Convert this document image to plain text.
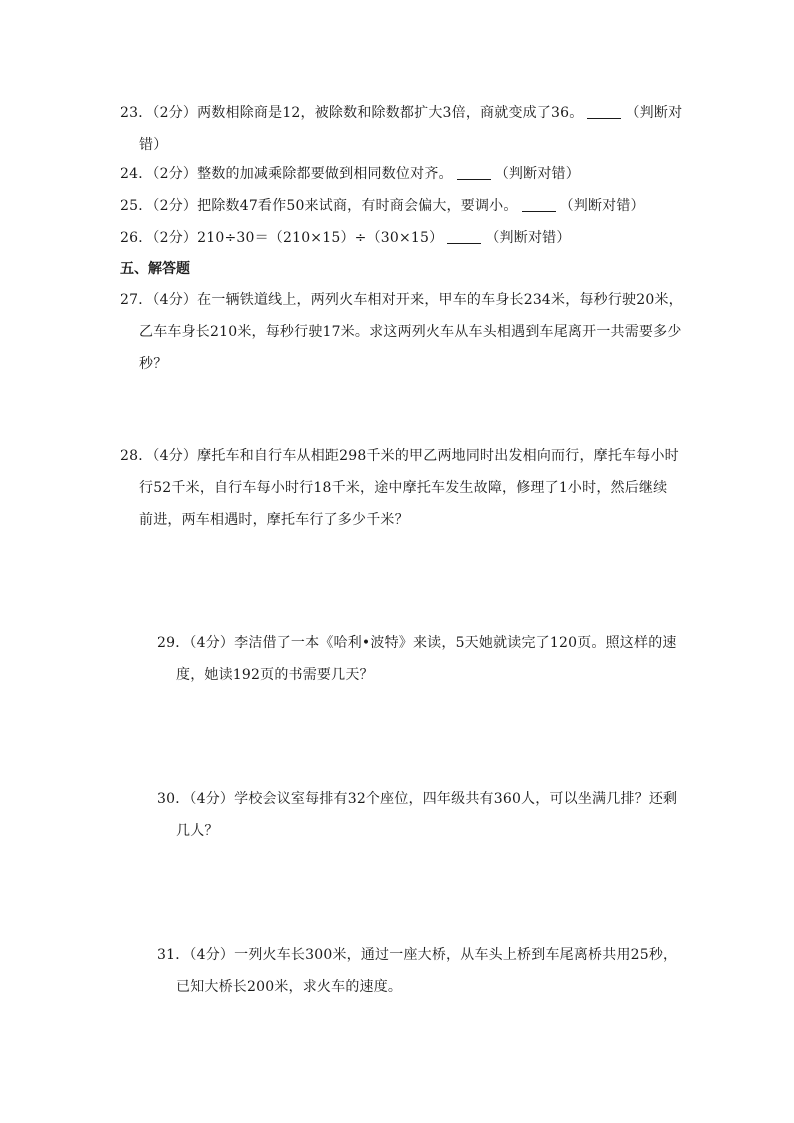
23．（2分）两数相除商是12，被除数和除数都扩大3倍，商就变成了36。	（判断对
错）
24．（2分）整数的加减乘除都要做到相同数位对齐。	（判断对错）
25．（2分）把除数47看作50来试商，有时商会偏大，要调小。	（判断对错）
26．（2分）210÷30＝（210×15）÷（30×15）	（判断对错）
五、解答题
27．（4分）在一辆铁道线上，两列火车相对开来，甲车的车身长234米，每秒行驶20米，
乙车车身长210米，每秒行驶17米。求这两列火车从车头相遇到车尾离开一共需要多少
秒？
28．（4分）摩托车和自行车从相距298千米的甲乙两地同时出发相向而行，摩托车每小时
行52千米，自行车每小时行18千米，途中摩托车发生故障，修理了1小时，然后继续
前进，两车相遇时，摩托车行了多少千米？
29．（4分）李洁借了一本《哈利•波特》来读，5天她就读完了120页。照这样的速
度，她读192页的书需要几天？
30．（4分）学校会议室每排有32个座位，四年级共有360人，可以坐满几排？还剩
几人？
31．（4分）一列火车长300米，通过一座大桥，从车头上桥到车尾离桥共用25秒，
已知大桥长200米，求火车的速度。
